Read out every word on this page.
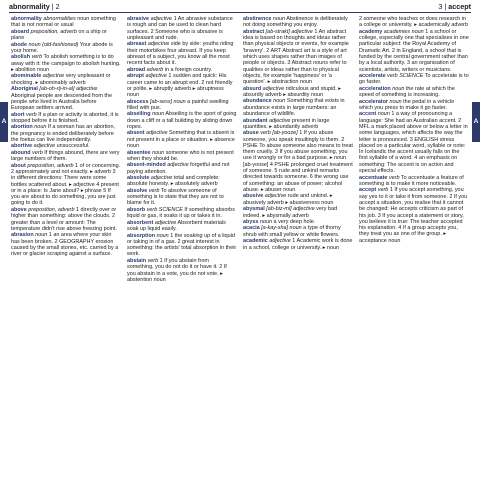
abnormality | 2	3 | accept
A	A

abnormality abnormalities noun something that is not normal or usual

aboard preposition, adverb on a ship or plane

abode noun (old-fashioned) Your abode is your home.

abolish verb To abolish something is to do away with it: the campaign to abolish hunting. ▸ abolition noun

abominable adjective very unpleasant or shocking. ▸ abominably adverb

Aboriginal [ab-oh-rij-in-al] adjective Aboriginal people are descended from the people who lived in Australia before European settlers arrived.

abort verb If a plan or activity is aborted, it is stopped before it is finished.

abortion noun If a woman has an abortion, the pregnancy is ended deliberately before the foetus can live independently.

abortive adjective unsuccessful.

abound verb If things abound, there are very large numbers of them.

about preposition, adverb 1 of or concerning. 2 approximately and not exactly. ▸ adverb 3 in different directions: There were some bottles scattered about. ▸ adjective 4 present or in a place: Is Jane about? ▸ phrase 5 If you are about to do something, you are just going to do it.

above preposition, adverb 1 directly over or higher than something: above the clouds. 2 greater than a level or amount: The temperature didn't rise above freezing point.

abrasion noun 1 an area where your skin has been broken. 2 GEOGRAPHY erosion caused by the small stones, etc. carried by a river or glacier scraping against a surface.

abrasive adjective 1 An abrasive substance is rough and can be used to clean hard surfaces. 2 Someone who is abrasive is unpleasant and rude.

abreast adjective side by side: youths riding their motorbikes four abreast. If you keep abreast of a subject, you know all the most recent facts about it.

abroad adverb in a foreign country.

abrupt adjective 1 sudden and quick: His career came to an abrupt end. 2 not friendly or polite. ▸ abruptly adverb ▸ abruptness noun

abscess [ab-sess] noun a painful swelling filled with pus.

abseiling noun Abseiling is the sport of going down a cliff or a tall building by sliding down ropes.

absent adjective Something that is absent is not present in a place or situation. ▸ absence noun

absentee noun someone who is not present when they should be.

absent-minded adjective forgetful and not paying attention.

absolute adjective total and complete: absolute honesty. ▸ absolutely adverb

absolve verb To absolve someone of something is to state that they are not to blame for it.

absorb verb SCIENCE If something absorbs liquid or gas, it soaks it up or takes it in.

absorbent adjective Absorbent materials soak up liquid easily.

absorption noun 1 the soaking up of a liquid or taking in of a gas. 2 great interest in something: the artists' total absorption in their work.

abstain verb 1 If you abstain from something, you do not do it or have it. 2 If you abstain in a vote, you do not vote. ▸ abstention noun

abstinence noun Abstinence is deliberately not doing something you enjoy.

abstract [ab-strakt] adjective 1 An abstract idea is based on thoughts and ideas rather than physical objects or events, for example 'bravery'. 2 ART Abstract art is a style of art which uses shapes rather than images of people or objects. 3 Abstract nouns refer to qualities or ideas rather than to physical objects, for example 'happiness' or 'a question'. ▸ abstraction noun

absurd adjective ridiculous and stupid. ▸ absurdly adverb ▸ absurdity noun

abundance noun Something that exists in abundance exists in large numbers: an abundance of wildlife.

abundant adjective present in large quantities. ▸ abundantly adverb

abuse verb [ab-yooze] 1 If you abuse someone, you speak insultingly to them. 2 PSHE To abuse someone also means to treat them cruelly. 3 If you abuse something, you use it wrongly or for a bad purpose. ▸ noun [ab-yoose] 4 PSHE prolonged cruel treatment of someone. 5 rude and unkind remarks directed towards someone. 6 the wrong use of something: an abuse of power; alcohol abuse. ▸ abuser noun

abusive adjective rude and unkind. ▸ abusively adverb ▸ abusiveness noun

abysmal [ab-biz-ml] adjective very bad indeed. ▸ abysmally adverb

abyss noun a very deep hole.

acacia [a-kay-sha] noun a type of thorny shrub with small yellow or white flowers.

academic adjective 1 Academic work is done in a school, college or university. ▸ noun

2 someone who teaches or does research in a college or university. ▸ academically adverb

academy academies noun 1 a school or college, especially one that specialises in one particular subject: the Royal Academy of Dramatic Art. 2 in England, a school that is funded by the central government rather than by a local authority. 3 an organisation of scientists, artists, writers or musicians.

accelerate verb SCIENCE To accelerate is to go faster.

acceleration noun the rate at which the speed of something is increasing.

accelerator noun the pedal in a vehicle which you press to make it go faster.

accent noun 1 a way of pronouncing a language: She had an Australian accent. 2 MFL a mark placed above or below a letter in some languages, which affects the way the letter is pronounced. 3 ENGLISH stress placed on a particular word, syllable or note: In Icelandic the accent usually falls on the first syllable of a word. 4 an emphasis on something: The accent is on action and special effects.

accentuate verb To accentuate a feature of something is to make it more noticeable.

accept verb 1 If you accept something, you say yes to it or take it from someone. 2 If you accept a situation, you realise that it cannot be changed: He accepts criticism as part of his job. 3 If you accept a statement or story, you believe it is true: The teacher accepted his explanation. 4 If a group accepts you, they treat you as one of the group. ▸ acceptance noun
